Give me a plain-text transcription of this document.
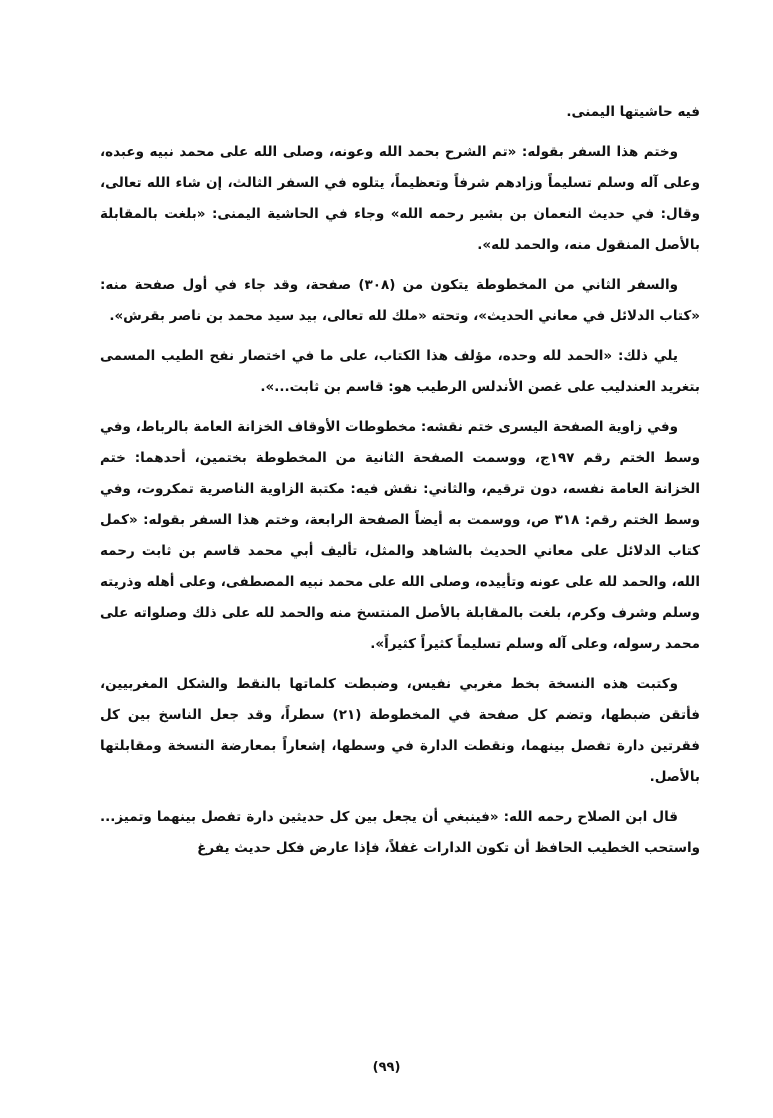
فيه حاشيتها اليمنى.

وختم هذا السفر بقوله: «تم الشرح بحمد الله وعونه، وصلى الله على محمد نبيه وعبده، وعلى آله وسلم تسليماً وزادهم شرفاً وتعظيماً، يتلوه في السفر الثالث، إن شاء الله تعالى، وقال: في حديث النعمان بن بشير رحمه الله» وجاء في الحاشية اليمنى: «بلغت بالمقابلة بالأصل المنقول منه، والحمد لله».

والسفر الثاني من المخطوطة يتكون من (٣٠٨) صفحة، وقد جاء في أول صفحة منه: «كتاب الدلائل في معاني الحديث»، وتحته «ملك لله تعالى، بيد سيد محمد بن ناصر بقرش».

يلي ذلك: «الحمد لله وحده، مؤلف هذا الكتاب، على ما في اختصار نفح الطيب المسمى بتغريد العندليب على غصن الأندلس الرطيب هو: قاسم بن ثابت...».

وفي زاوية الصفحة اليسرى ختم نقشه: مخطوطات الأوقاف الخزانة العامة بالرباط، وفي وسط الختم رقم ١٩٧ج، ووسمت الصفحة الثانية من المخطوطة بختمين، أحدهما: ختم الخزانة العامة نفسه، دون ترقيم، والثاني: نقش فيه: مكتبة الزاوية الناصرية تمكروت، وفي وسط الختم رقم: ٣١٨ ص، ووسمت به أيضاً الصفحة الرابعة، وختم هذا السفر بقوله: «كمل كتاب الدلائل على معاني الحديث بالشاهد والمثل، تأليف أبي محمد قاسم بن ثابت رحمه الله، والحمد لله على عونه وتأييده، وصلى الله على محمد نبيه المصطفى، وعلى أهله وذريته وسلم وشرف وكرم، بلغت بالمقابلة بالأصل المنتسخ منه والحمد لله على ذلك وصلواته على محمد رسوله، وعلى آله وسلم تسليماً كثيراً كثيراً».

وكتبت هذه النسخة بخط مغربي نفيس، وضبطت كلماتها بالنقط والشكل المغربيين، فأتقن ضبطها، وتضم كل صفحة في المخطوطة (٢١) سطراً، وقد جعل الناسخ بين كل فقرتين دارة تفصل بينهما، ونقطت الدارة في وسطها، إشعاراً بمعارضة النسخة ومقابلتها بالأصل.

قال ابن الصلاح رحمه الله: «فينبغي أن يجعل بين كل حديثين دارة تفصل بينهما وتميز... واستحب الخطيب الحافظ أن تكون الدارات غفلاً، فإذا عارض فكل حديث يفرغ

(٩٩)
